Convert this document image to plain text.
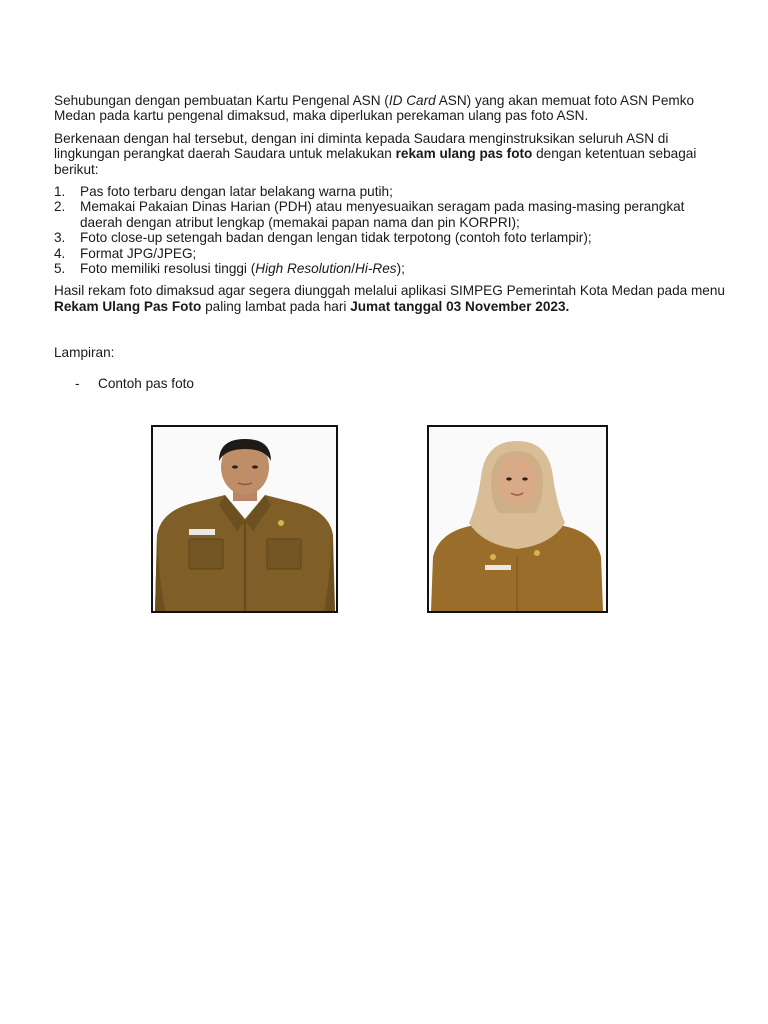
Sehubungan dengan pembuatan Kartu Pengenal ASN (ID Card ASN) yang akan memuat foto ASN Pemko Medan pada kartu pengenal dimaksud, maka diperlukan perekaman ulang pas foto ASN.

Berkenaan dengan hal tersebut, dengan ini diminta kepada Saudara menginstruksikan seluruh ASN di lingkungan perangkat daerah Saudara untuk melakukan rekam ulang pas foto dengan ketentuan sebagai berikut:

1. Pas foto terbaru dengan latar belakang warna putih;
2. Memakai Pakaian Dinas Harian (PDH) atau menyesuaikan seragam pada masing-masing perangkat daerah dengan atribut lengkap (memakai papan nama dan pin KORPRI);
3. Foto close-up setengah badan dengan lengan tidak terpotong (contoh foto terlampir);
4. Format JPG/JPEG;
5. Foto memiliki resolusi tinggi (High Resolution/Hi-Res);

Hasil rekam foto dimaksud agar segera diunggah melalui aplikasi SIMPEG Pemerintah Kota Medan pada menu Rekam Ulang Pas Foto paling lambat pada hari Jumat tanggal 03 November 2023.

Lampiran:

- Contoh pas foto
